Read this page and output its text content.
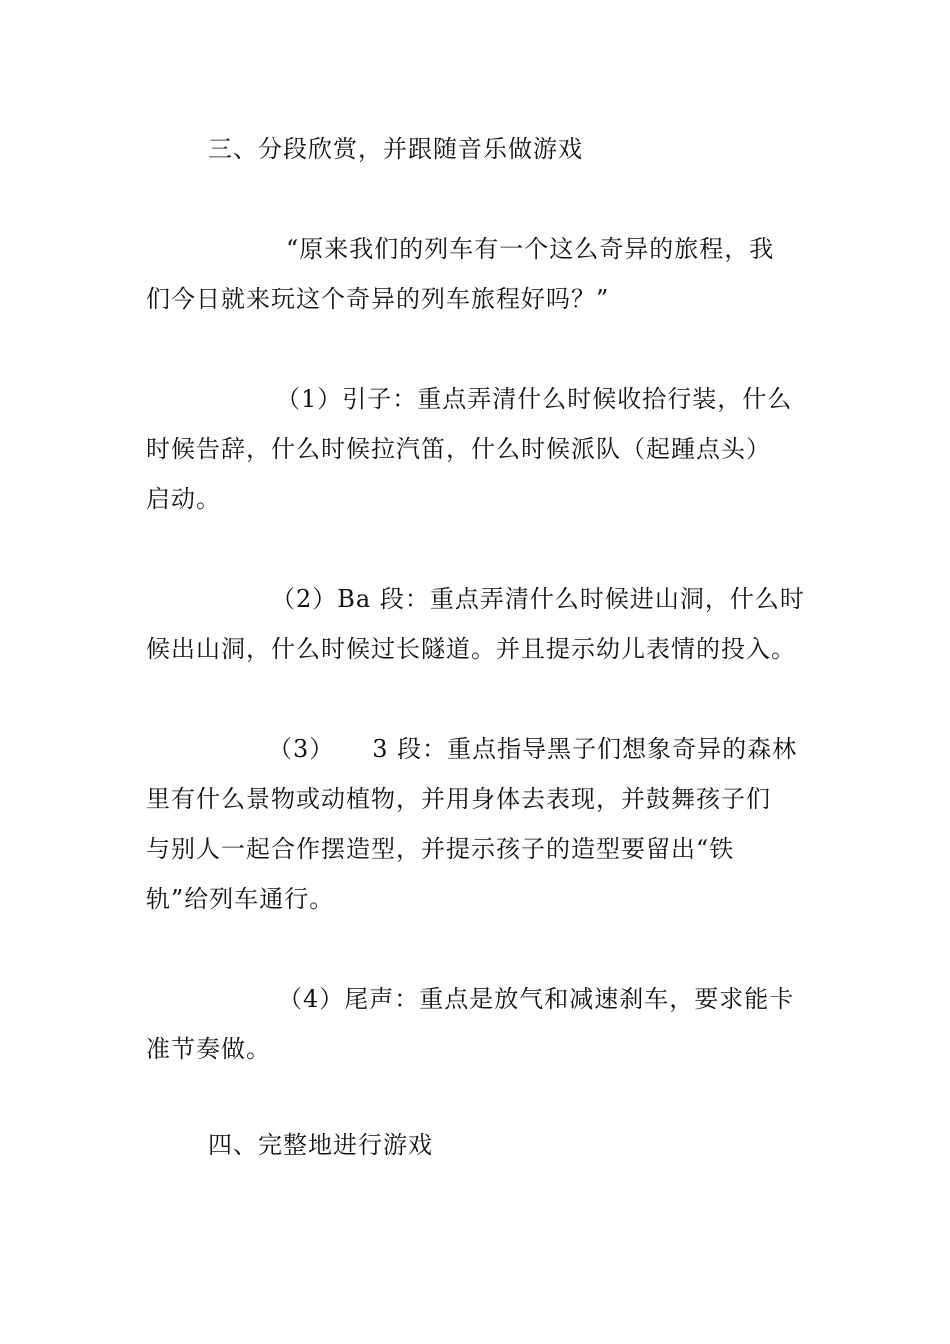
三、分段欣赏，并跟随音乐做游戏
“原来我们的列车有一个这么奇异的旅程，我
们今日就来玩这个奇异的列车旅程好吗？”
（1）引子：重点弄清什么时候收拾行装，什么
时候告辞，什么时候拉汽笛，什么时候派队（起踵点头）
启动。
（2）Ba 段：重点弄清什么时候进山洞，什么时
候出山洞，什么时候过长隧道。并且提示幼儿表情的投入。
（3）　　3 段：重点指导黑子们想象奇异的森林
里有什么景物或动植物，并用身体去表现，并鼓舞孩子们
与别人一起合作摆造型，并提示孩子的造型要留出“铁
轨”给列车通行。
（4）尾声：重点是放气和减速刹车，要求能卡
准节奏做。
四、完整地进行游戏
